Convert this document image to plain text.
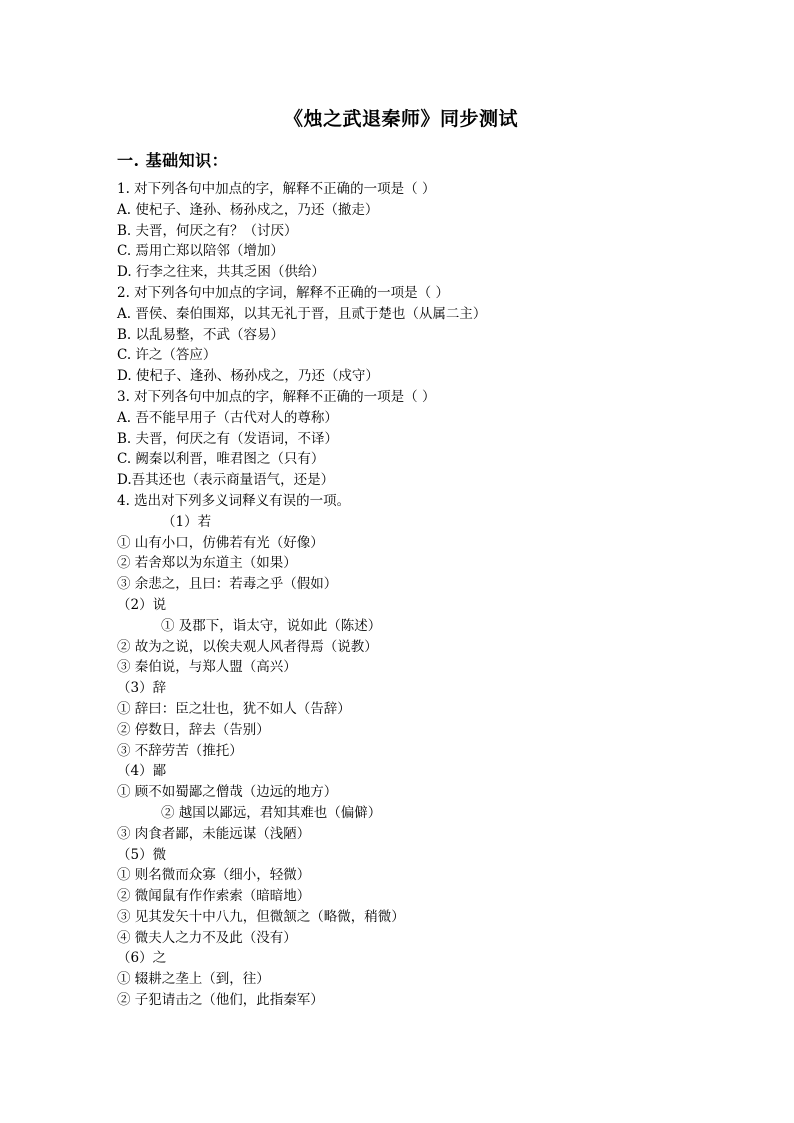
《烛之武退秦师》同步测试
一. 基础知识：
1. 对下列各句中加点的字，解释不正确的一项是（ ）
A. 使杞子、逢孙、杨孙戍之，乃还（撤走）
B. 夫晋，何厌之有？（讨厌）
C. 焉用亡郑以陪邻（增加）
D. 行李之往来，共其乏困（供给）
2. 对下列各句中加点的字词，解释不正确的一项是（ ）
A. 晋侯、秦伯围郑，以其无礼于晋，且贰于楚也（从属二主）
B. 以乱易整，不武（容易）
C. 许之（答应）
D. 使杞子、逢孙、杨孙戍之，乃还（戍守）
3. 对下列各句中加点的字，解释不正确的一项是（ ）
A. 吾不能早用子（古代对人的尊称）
B. 夫晋，何厌之有（发语词，不译）
C. 阙秦以利晋，唯君图之（只有）
D.吾其还也（表示商量语气，还是）
4. 选出对下列多义词释义有误的一项。
（1）若
① 山有小口，仿佛若有光（好像）
② 若舍郑以为东道主（如果）
③ 余悲之，且曰：若毒之乎（假如）
（2）说
① 及郡下，诣太守，说如此（陈述）
② 故为之说，以俟夫观人风者得焉（说教）
③ 秦伯说，与郑人盟（高兴）
（3）辞
① 辞曰：臣之壮也，犹不如人（告辞）
② 停数日，辞去（告别）
③ 不辞劳苦（推托）
（4）鄙
① 顾不如蜀鄙之僧哉（边远的地方）
② 越国以鄙远，君知其难也（偏僻）
③ 肉食者鄙，未能远谋（浅陋）
（5）微
① 则名微而众寡（细小，轻微）
② 微闻鼠有作作索索（暗暗地）
③ 见其发矢十中八九，但微颔之（略微，稍微）
④ 微夫人之力不及此（没有）
（6）之
① 辍耕之垄上（到，往）
② 子犯请击之（他们，此指秦军）
